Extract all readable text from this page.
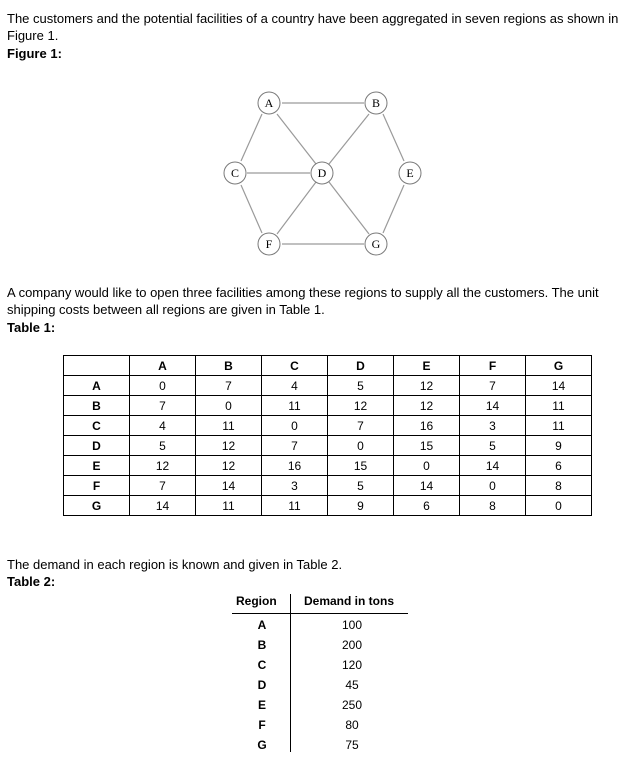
The customers and the potential facilities of a country have been aggregated in seven regions as shown in Figure 1.
Figure 1:
A	B
C	D	E
F	G
A company would like to open three facilities among these regions to supply all the customers. The unit shipping costs between all regions are given in Table 1.
Table 1:
	A	B	C	D	E	F	G
A	0	7	4	5	12	7	14
B	7	0	11	12	12	14	11
C	4	11	0	7	16	3	11
D	5	12	7	0	15	5	9
E	12	12	16	15	0	14	6
F	7	14	3	5	14	0	8
G	14	11	11	9	6	8	0
The demand in each region is known and given in Table 2.
Table 2:
Region Demand in tons
A	100
B	200
C	120
D	45
E	250
F	80
G	75
